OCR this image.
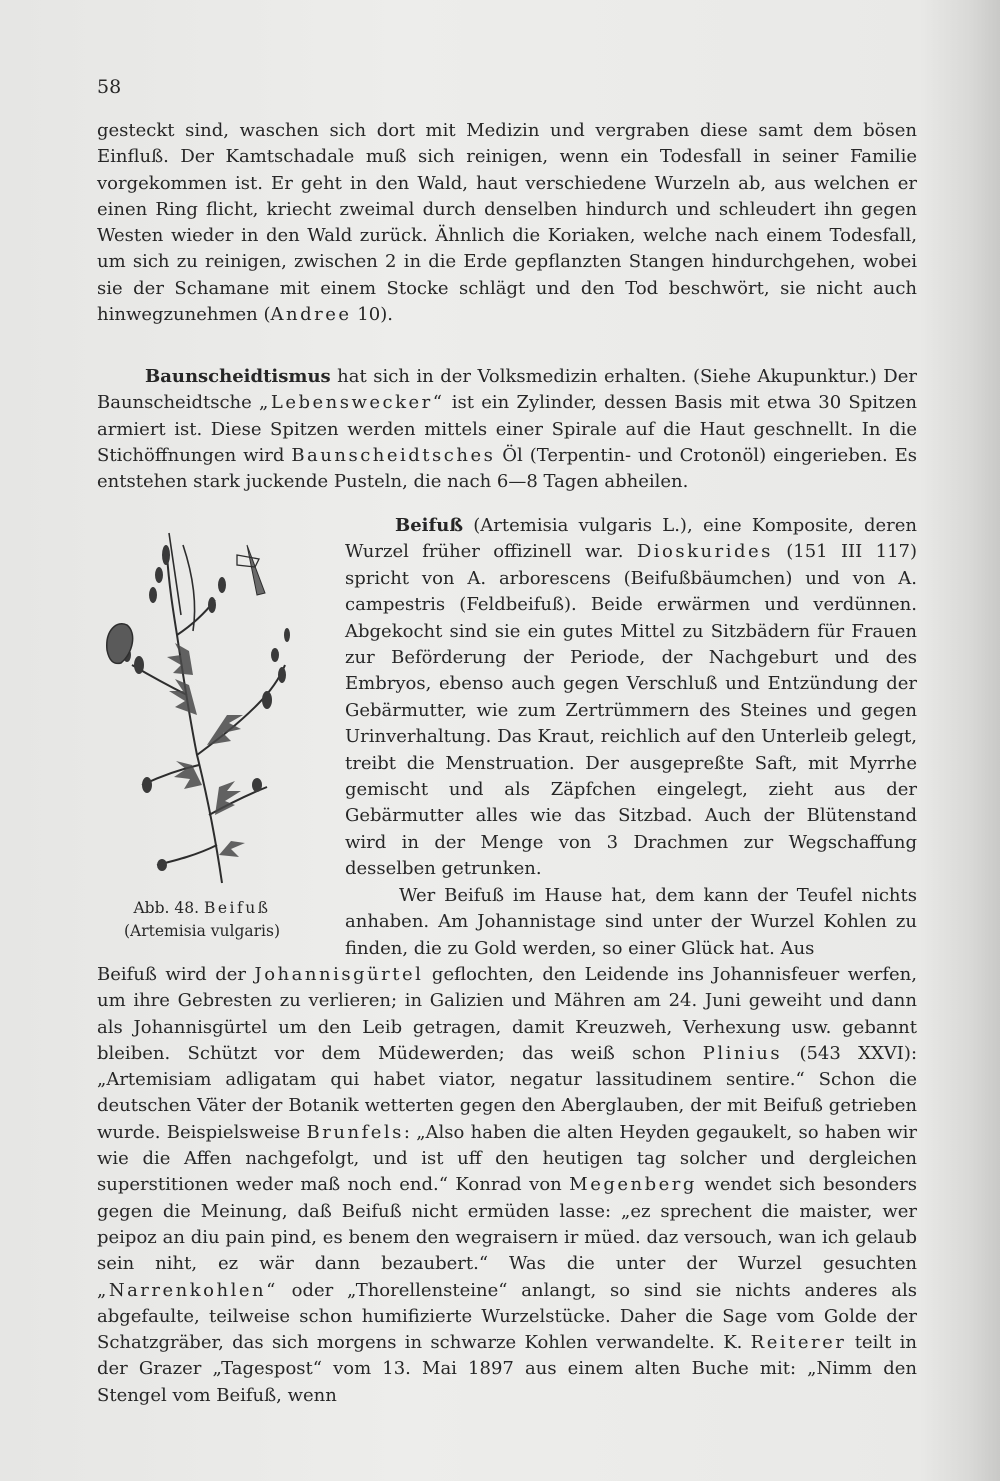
58

gesteckt sind, waschen sich dort mit Medizin und vergraben diese samt dem bösen Einfluß. Der Kamtschadale muß sich reinigen, wenn ein Todesfall in seiner Familie vorgekommen ist. Er geht in den Wald, haut verschiedene Wurzeln ab, aus welchen er einen Ring flicht, kriecht zweimal durch denselben hindurch und schleudert ihn gegen Westen wieder in den Wald zurück. Ähnlich die Koriaken, welche nach einem Todesfall, um sich zu reinigen, zwischen 2 in die Erde gepflanzten Stangen hindurchgehen, wobei sie der Schamane mit einem Stocke schlägt und den Tod beschwört, sie nicht auch hinwegzunehmen (Andree 10).

Baunscheidtismus hat sich in der Volksmedizin erhalten. (Siehe Akupunktur.) Der Baunscheidtsche „Lebenswecker“ ist ein Zylinder, dessen Basis mit etwa 30 Spitzen armiert ist. Diese Spitzen werden mittels einer Spirale auf die Haut geschnellt. In die Stichöffnungen wird Baunscheidtsches Öl (Terpentin- und Crotonöl) eingerieben. Es entstehen stark juckende Pusteln, die nach 6—8 Tagen abheilen.

Abb. 48. Beifuß
(Artemisia vulgaris)

Beifuß (Artemisia vulgaris L.), eine Komposite, deren Wurzel früher offizinell war. Dioskurides (151 III 117) spricht von A. arborescens (Beifußbäumchen) und von A. campestris (Feldbeifuß). Beide erwärmen und verdünnen. Abgekocht sind sie ein gutes Mittel zu Sitzbädern für Frauen zur Beförderung der Periode, der Nachgeburt und des Embryos, ebenso auch gegen Verschluß und Entzündung der Gebärmutter, wie zum Zertrümmern des Steines und gegen Urinverhaltung. Das Kraut, reichlich auf den Unterleib gelegt, treibt die Menstruation. Der ausgepreßte Saft, mit Myrrhe gemischt und als Zäpfchen eingelegt, zieht aus der Gebärmutter alles wie das Sitzbad. Auch der Blütenstand wird in der Menge von 3 Drachmen zur Wegschaffung desselben getrunken.

Wer Beifuß im Hause hat, dem kann der Teufel nichts anhaben. Am Johannistage sind unter der Wurzel Kohlen zu finden, die zu Gold werden, so einer Glück hat. Aus

Beifuß wird der Johannisgürtel geflochten, den Leidende ins Johannisfeuer werfen, um ihre Gebresten zu verlieren; in Galizien und Mähren am 24. Juni geweiht und dann als Johannisgürtel um den Leib getragen, damit Kreuzweh, Verhexung usw. gebannt bleiben. Schützt vor dem Müdewerden; das weiß schon Plinius (543 XXVI): „Artemisiam adligatam qui habet viator, negatur lassitudinem sentire.“ Schon die deutschen Väter der Botanik wetterten gegen den Aberglauben, der mit Beifuß getrieben wurde. Beispielsweise Brunfels: „Also haben die alten Heyden gegaukelt, so haben wir wie die Affen nachgefolgt, und ist uff den heutigen tag solcher und dergleichen superstitionen weder maß noch end.“ Konrad von Megenberg wendet sich besonders gegen die Meinung, daß Beifuß nicht ermüden lasse: „ez sprechent die maister, wer peipoz an diu pain pind, es benem den wegraisern ir müed. daz versouch, wan ich gelaub sein niht, ez wär dann bezaubert.“ Was die unter der Wurzel gesuchten „Narrenkohlen“ oder „Thorellensteine“ anlangt, so sind sie nichts anderes als abgefaulte, teilweise schon humifizierte Wurzelstücke. Daher die Sage vom Golde der Schatzgräber, das sich morgens in schwarze Kohlen verwandelte. K. Reiterer teilt in der Grazer „Tagespost“ vom 13. Mai 1897 aus einem alten Buche mit: „Nimm den Stengel vom Beifuß, wenn
